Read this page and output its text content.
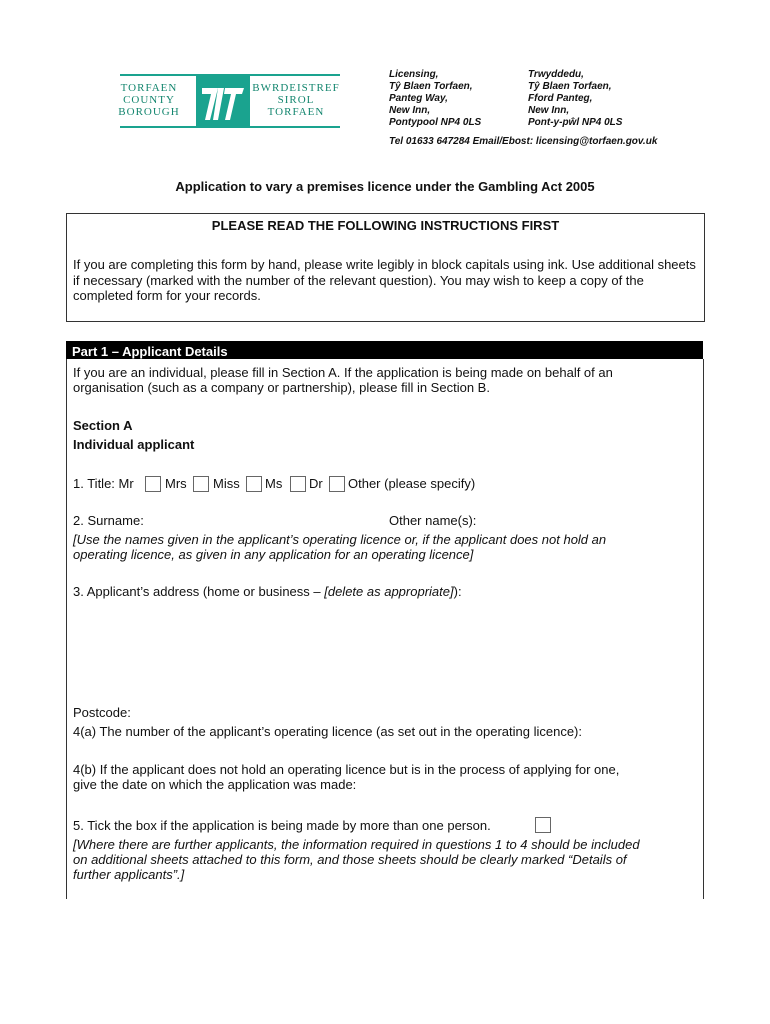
TORFAEN
COUNTY
BOROUGH
BWRDEISTREF
SIROL
TORFAEN
Licensing,
Tŷ Blaen Torfaen,
Panteg Way,
New Inn,
Pontypool NP4 0LS
Trwyddedu,
Tŷ Blaen Torfaen,
Fford Panteg,
New Inn,
Pont-y-pŵl NP4 0LS
Tel 01633 647284 Email/Ebost: licensing@torfaen.gov.uk
Application to vary a premises licence under the Gambling Act 2005
PLEASE READ THE FOLLOWING INSTRUCTIONS FIRST
If you are completing this form by hand, please write legibly in block capitals using ink. Use additional sheets if necessary (marked with the number of the relevant question). You may wish to keep a copy of the completed form for your records.
Part 1 – Applicant Details
If you are an individual, please fill in Section A. If the application is being made on behalf of an
organisation (such as a company or partnership), please fill in Section B.
Section A
Individual applicant
1. Title: Mr Mrs Miss Ms Dr Other (please specify)
2. Surname:	Other name(s):
[Use the names given in the applicant’s operating licence or, if the applicant does not hold an
operating licence, as given in any application for an operating licence]
3. Applicant’s address (home or business – [delete as appropriate]):
Postcode:
4(a) The number of the applicant’s operating licence (as set out in the operating licence):
4(b) If the applicant does not hold an operating licence but is in the process of applying for one,
give the date on which the application was made:
5. Tick the box if the application is being made by more than one person.
[Where there are further applicants, the information required in questions 1 to 4 should be included
on additional sheets attached to this form, and those sheets should be clearly marked “Details of
further applicants”.]
